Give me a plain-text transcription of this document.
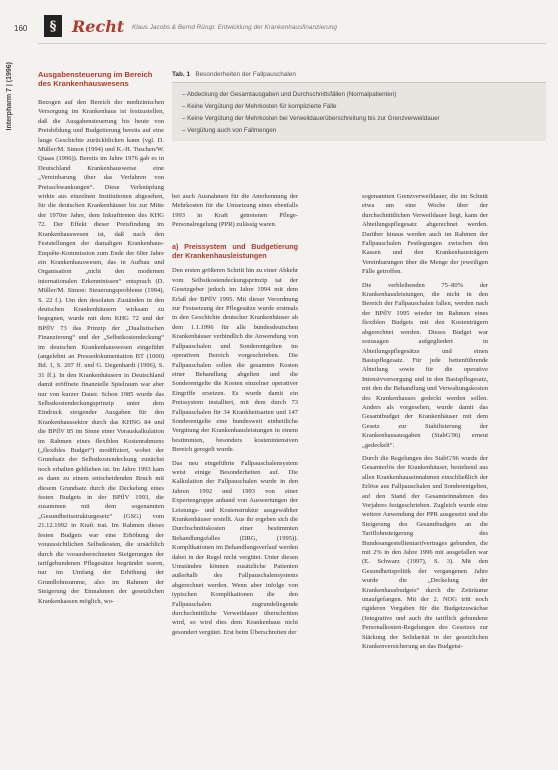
160	§ Recht Klaus Jacobs & Bernd Rürup: Entwicklung der Krankenhausfinanzierung
Interpharm 7 | (1996)	Ausgabensteuerung im Bereich des Krankenhauswesens

Bezogen auf den Bereich der medizinischen Versorgung im Krankenhaus ist festzustellen, daß die Ausgabensteuerung bis heute von Preisbildung und Budgetierung bereits auf eine lange Geschichte zurückblicken kann (vgl. D. Müller/M. Simon (1994) und K.-H. Tuschen/W. Quaas (1996)). Bereits im Jahre 1976 gab es in Deutschland Krankenhausweise eine „Vereinbarung über das Verfahren von Preisschwankungen“. Diese Verknüpfung wirkte aus einzelnen Institutionen abgesehen, für die deutschen Krankenhäuser bis zur Mitte der 1970er Jahre, dem Inkrafttreten des KHG 72. Der Effekt dieser Preisfindung im Krankenhauswesen ist, daß nach den Feststellungen der damaligen Krankenhaus-Enquête-Kommission zum Ende der 60er Jahre ein Krankenhauswesen, das in Aufbau und Organisation „nicht den modernen internationalen Erkenntnissen“ entsprach (D. Müller/M. Simon: Steuerungsprobleme (1994), S. 22 f.). Um den desolaten Zuständen in den deutschen Krankenhäusern wirksam zu begegnen, wurde mit dem KHG 72 und der BPflV 73 das Prinzip der „Dualistischen Finanzierung“ und der „Selbstkostendeckung“ im deutschen Krankenhauswesen eingeführt (angelehnt an Pressedokumentation BT (1000) Bd. 1, S. 207 ff. und G. Degenhardt (1996), S. 31 ff.). In den Krankenhäusern in Deutschland damit eröffnete finanzielle Spielraum war aber nur von kurzer Dauer. Schon 1985 wurde das Selbstkostendeckungsprinzip unter dem Eindruck steigender Ausgaben für den Krankenhaussektor durch das KHNG 84 und die BPflV 85 im Sinne einer Vorauskalkulation im Rahmen eines flexiblen Kostenrahmens („flexibles Budget“) modifiziert, wobei der Grundsatz der Selbstkostendeckung zunächst noch erhalten geblieben ist. Im Jahre 1993 kam es dann zu einem entscheidenden Bruch mit diesem Grundsatz durch die Deckelung eines festen Budgets in der BPflV 1993, die zusammen mit dem sogenannten „Gesundheitsstrukturgesetz“ (GSG) vom 21.12.1992 in Kraft trat. Im Rahmen dieses festen Budgets war eine Erhöhung der voraussichtlichen Selbstkosten, die ursächlich durch die vorausberechneten Steigerungen der tarifgebundenen Pflegesätze begründet waren, nur im Umfang der Erhöhung der Grundlohnsumme, also im Rahmen der Steigerung der Einnahmen der gesetzlichen Krankenkassen möglich, wo-

Tab. 1 Besonderheiten der Fallpauschalen
– Abdeckung der Gesamtausgaben und Durchschnittsfällen (Normalpatienten)
– Keine Vergütung der Mehrkosten für komplizierte Fälle
– Keine Vergütung der Mehrkosten bei Verweildauerüberschreitung bis zur Grenzverweildauer
– Vergütung auch von Fallmengen

bei auch Ausnahmen für die Anerkennung der Mehrkosten für die Umsetzung eines ebenfalls 1993 in Kraft getretenen Pflege-Personalregelung (PPR) zulässig waren.

a) Preissystem und Budgetierung der Krankenhausleistungen

Den ersten größeren Schritt hin zu einer Abkehr vom Selbstkostendeckungsprinzip tat der Gesetzgeber jedoch im Jahre 1994 mit dem Erlaß der BPflV 1995. Mit dieser Verordnung zur Festsetzung der Pflegesätze wurde erstmals in den Geschichte deutscher Krankenhäuser ab dem 1.1.1996 für alle bundesdeutschen Krankenhäuser verbindlich die Anwendung von Fallpauschalen und Sonderentgelten im operativen Bereich vorgeschrieben. Die Fallpauschalen sollen die gesamten Kosten einer Behandlung abgelten und die Sonderentgelte die Kosten einzelner operativer Eingriffe ersetzen. Es wurde damit ein Preissystem installiert, mit dem durch 73 Fallpauschalen für 34 Krankheitsarten und 147 Sonderentgelte eine bundesweit einheitliche Vergütung der Krankenhausleistungen in einem bestimmten, besonders kostenintensiven Bereich geregelt wurde.

Das neu eingeführte Fallpauschalensystem weist einige Besonderheiten auf. Die Kalkulation der Fallpauschalen wurde in den Jahren 1992 und 1993 von einer Expertengruppe anhand von Auswertungen der Leistungs- und Kostenstruktur ausgewählter Krankenhäuser erstellt. Aus ihr ergeben sich die Durchschnittskosten einer bestimmten Behandlungsfalles (DRG, (1995)). Komplikationen im Behandlungsverlauf werden dabei in der Regel nicht vergütet. Unter diesen Umständen können zusätzliche Patienten außerhalb des Fallpauschalensystems abgerechnet werden. Wenn aber infolge von typischen Komplikationen die den Fallpauschalen zugrundeliegende durchschnittliche Verweildauer überschritten wird, so wird dies dem Krankenhaus nicht gesondert vergütet. Erst beim Überschreiten der

sogenannten Grenzverweildauer, die im Schnitt etwa um eine Woche über der durchschnittlichen Verweildauer liegt, kann der Abteilungspflegesatz abgerechnet werden. Darüber hinaus werden auch im Rahmen der Fallpauschalen Festlegungen zwischen den Kassen und den Krankenhausträgern Vereinbarungen über die Menge der jeweiligen Fälle getroffen.

Die verbleibenden 75–80% der Krankenhausleistungen, die nicht in den Bereich der Fallpauschalen fallen, werden nach der BPflV 1995 wieder im Rahmen eines flexiblen Budgets mit den Kostenträgern abgerechnet werden. Dieses Budget war sozusagen aufgegliedert in Abteilungspflegesätze und einen Basispflegesatz. Für jede bettenführende Abteilung sowie für die operative Intensivversorgung und in den Basispflegesatz, mit den die Behandlung und Verwaltungskosten des Krankenhauses gedeckt werden sollen. Anders als vorgesehen, wurde damit das Gesamtbudget der Krankenhäuser mit dem Gesetz zur Stabilisierung der Krankenhausausgaben (StabG'96) erneut „gedeckelt“.

Durch die Regelungen des StabG'96 wurde der Gesamterlös der Krankenhäuser, bestehend aus allen Krankenhauseinnahmen einschließlich der Erlöse aus Fallpauschalen und Sonderentgelten, auf den Stand der Gesamteinnahmen des Vorjahres festgeschrieben. Zugleich wurde eine weitere Anwendung der PPR ausgesetzt und die Steigerung des Gesamtbudgets an die Tariflohnsteigerung des Bundesangestelltentarifvertrages gebunden, die mit 2% in den Jahre 1996 mit ausgefallen war (E. Schwarz (1997), S. 3). Mit den Gesundheitspolitik der vergangenen Jahre wurde die „Deckelung der Krankenhausbudgets“ durch die Zeiträume unaufgefangen. Mit der 2. NOG tritt noch rigideren Vorgaben für die Budgetzuwächse (Integrative und auch die tariflich gebundene Personalkosten-Regelungen des Gesetzes zur Stärkung der Solidarität in der gesetzlichen Krankenversicherung an das Budgetsi-
